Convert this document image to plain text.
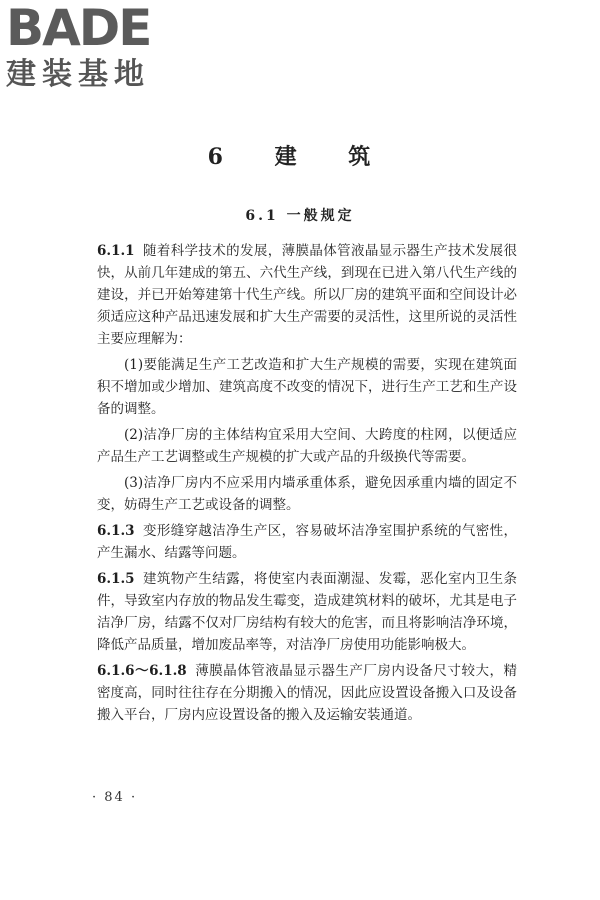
BADE
建装基地
6 建 筑
6.1 一般规定

6.1.1 随着科学技术的发展，薄膜晶体管液晶显示器生产技术发展很快，从前几年建成的第五、六代生产线，到现在已进入第八代生产线的建设，并已开始筹建第十代生产线。所以厂房的建筑平面和空间设计必须适应这种产品迅速发展和扩大生产需要的灵活性，这里所说的灵活性主要应理解为：

(1)要能满足生产工艺改造和扩大生产规模的需要，实现在建筑面积不增加或少增加、建筑高度不改变的情况下，进行生产工艺和生产设备的调整。

(2)洁净厂房的主体结构宜采用大空间、大跨度的柱网，以便适应产品生产工艺调整或生产规模的扩大或产品的升级换代等需要。

(3)洁净厂房内不应采用内墙承重体系，避免因承重内墙的固定不变，妨碍生产工艺或设备的调整。

6.1.3 变形缝穿越洁净生产区，容易破坏洁净室围护系统的气密性，产生漏水、结露等问题。

6.1.5 建筑物产生结露，将使室内表面潮湿、发霉，恶化室内卫生条件，导致室内存放的物品发生霉变，造成建筑材料的破坏，尤其是电子洁净厂房，结露不仅对厂房结构有较大的危害，而且将影响洁净环境，降低产品质量，增加废品率等，对洁净厂房使用功能影响极大。

6.1.6～6.1.8 薄膜晶体管液晶显示器生产厂房内设备尺寸较大，精密度高，同时往往存在分期搬入的情况，因此应设置设备搬入口及设备搬入平台，厂房内应设置设备的搬入及运输安装通道。

· 84 ·
